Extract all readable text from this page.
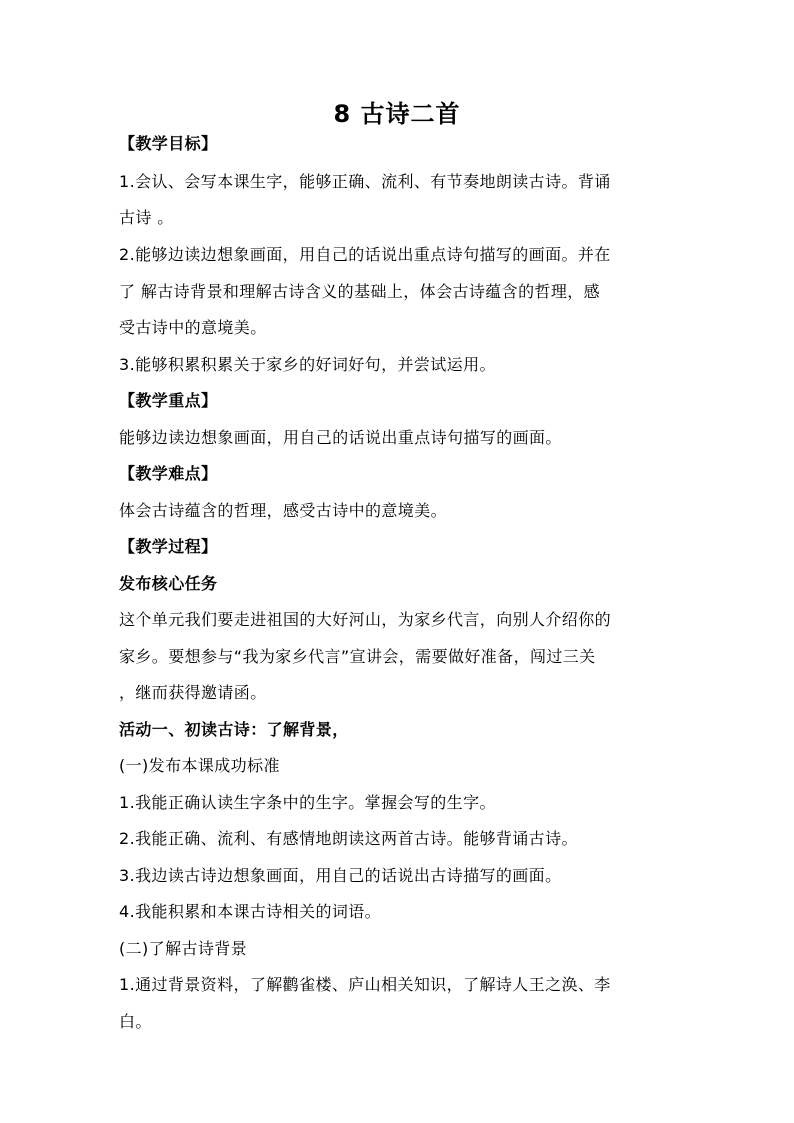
8 古诗二首
【教学目标】
1.会认、会写本课生字，能够正确、流利、有节奏地朗读古诗。背诵
古诗 。
2.能够边读边想象画面，用自己的话说出重点诗句描写的画面。并在
了 解古诗背景和理解古诗含义的基础上，体会古诗蕴含的哲理，感
受古诗中的意境美。
3.能够积累积累关于家乡的好词好句，并尝试运用。
【教学重点】
能够边读边想象画面，用自己的话说出重点诗句描写的画面。
【教学难点】
体会古诗蕴含的哲理，感受古诗中的意境美。
【教学过程】
发布核心任务
这个单元我们要走进祖国的大好河山，为家乡代言，向别人介绍你的
家乡。要想参与“我为家乡代言”宣讲会，需要做好准备，闯过三关
，继而获得邀请函。
活动一、初读古诗：了解背景，
(一)发布本课成功标准
1.我能正确认读生字条中的生字。掌握会写的生字。
2.我能正确、流利、有感情地朗读这两首古诗。能够背诵古诗。
3.我边读古诗边想象画面，用自己的话说出古诗描写的画面。
4.我能积累和本课古诗相关的词语。
(二)了解古诗背景
1.通过背景资料，了解鹳雀楼、庐山相关知识，了解诗人王之涣、李
白。
